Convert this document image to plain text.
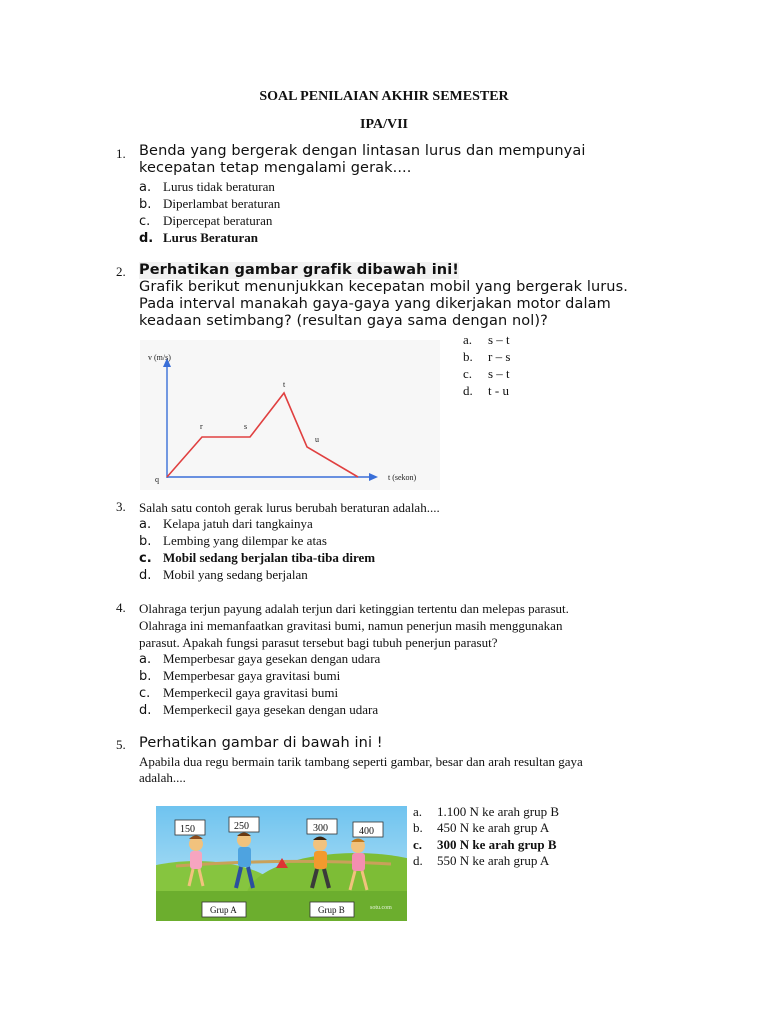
SOAL PENILAIAN AKHIR SEMESTER
IPA/VII
1. Benda yang bergerak dengan lintasan lurus dan mempunyai
kecepatan tetap mengalami gerak....
a. Lurus tidak beraturan
b. Diperlambat beraturan
c. Dipercepat beraturan
d. Lurus Beraturan
2. Perhatikan gambar grafik dibawah ini!
Grafik berikut menunjukkan kecepatan mobil yang bergerak lurus.
Pada interval manakah gaya-gaya yang dikerjakan motor dalam
keadaan setimbang? (resultan gaya sama dengan nol)?
a. s – t
b. r – s
c. s – t
d. t - u
v (m/s)
t (sekon)
q
r	s
t
u
3. Salah satu contoh gerak lurus berubah beraturan adalah....
a. Kelapa jatuh dari tangkainya
b. Lembing yang dilempar ke atas
c. Mobil sedang berjalan tiba-tiba direm
d. Mobil yang sedang berjalan
4. Olahraga terjun payung adalah terjun dari ketinggian tertentu dan melepas parasut.
Olahraga ini memanfaatkan gravitasi bumi, namun penerjun masih menggunakan
parasut. Apakah fungsi parasut tersebut bagi tubuh penerjun parasut?
a. Memperbesar gaya gesekan dengan udara
b. Memperbesar gaya gravitasi bumi
c. Memperkecil gaya gravitasi bumi
d. Memperkecil gaya gesekan dengan udara
5. Perhatikan gambar di bawah ini !
Apabila dua regu bermain tarik tambang seperti gambar, besar dan arah resultan gaya
adalah....
a. 1.100 N ke arah grup B
b. 450 N ke arah grup A
c. 300 N ke arah grup B
d. 550 N ke arah grup A
150	250	300	400
Grup A	Grup B	sotu.com
